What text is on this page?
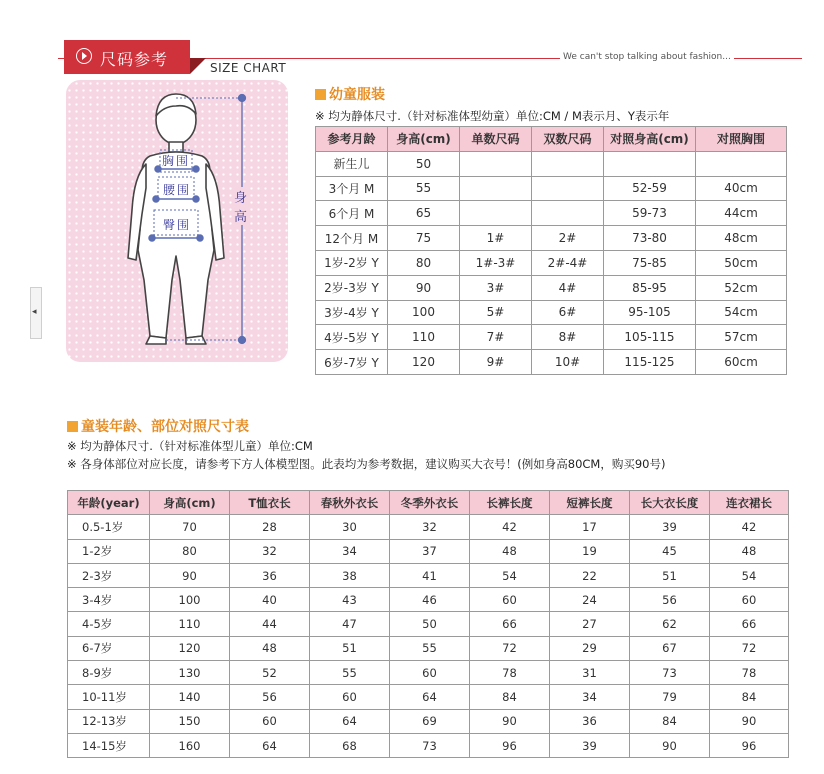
◂
尺码参考	SIZE CHART
We can't stop talking about fashion...
胸围
腰围
臀围
身
高
幼童服装
※ 均为静体尺寸.（针对标准体型幼童）单位:CM / M表示月、Y表示年
参考月龄	身高(cm)	单数尺码	双数尺码	对照身高(cm)	对照胸围
新生儿	50				
3个月 M	55			52-59	40cm
6个月 M	65			59-73	44cm
12个月 M	75	1#	2#	73-80	48cm
1岁-2岁 Y	80	1#-3#	2#-4#	75-85	50cm
2岁-3岁 Y	90	3#	4#	85-95	52cm
3岁-4岁 Y	100	5#	6#	95-105	54cm
4岁-5岁 Y	110	7#	8#	105-115	57cm
6岁-7岁 Y	120	9#	10#	115-125	60cm
童装年龄、部位对照尺寸表
※ 均为静体尺寸.（针对标准体型儿童）单位:CM
※ 各身体部位对应长度，请参考下方人体模型图。此表均为参考数据，建议购买大衣号！(例如身高80CM，购买90号)
年龄(year)	身高(cm)	T恤衣长	春秋外衣长	冬季外衣长	长裤长度	短裤长度	长大衣长度	连衣裙长
0.5-1岁	70	28	30	32	42	17	39	42
1-2岁	80	32	34	37	48	19	45	48
2-3岁	90	36	38	41	54	22	51	54
3-4岁	100	40	43	46	60	24	56	60
4-5岁	110	44	47	50	66	27	62	66
6-7岁	120	48	51	55	72	29	67	72
8-9岁	130	52	55	60	78	31	73	78
10-11岁	140	56	60	64	84	34	79	84
12-13岁	150	60	64	69	90	36	84	90
14-15岁	160	64	68	73	96	39	90	96
